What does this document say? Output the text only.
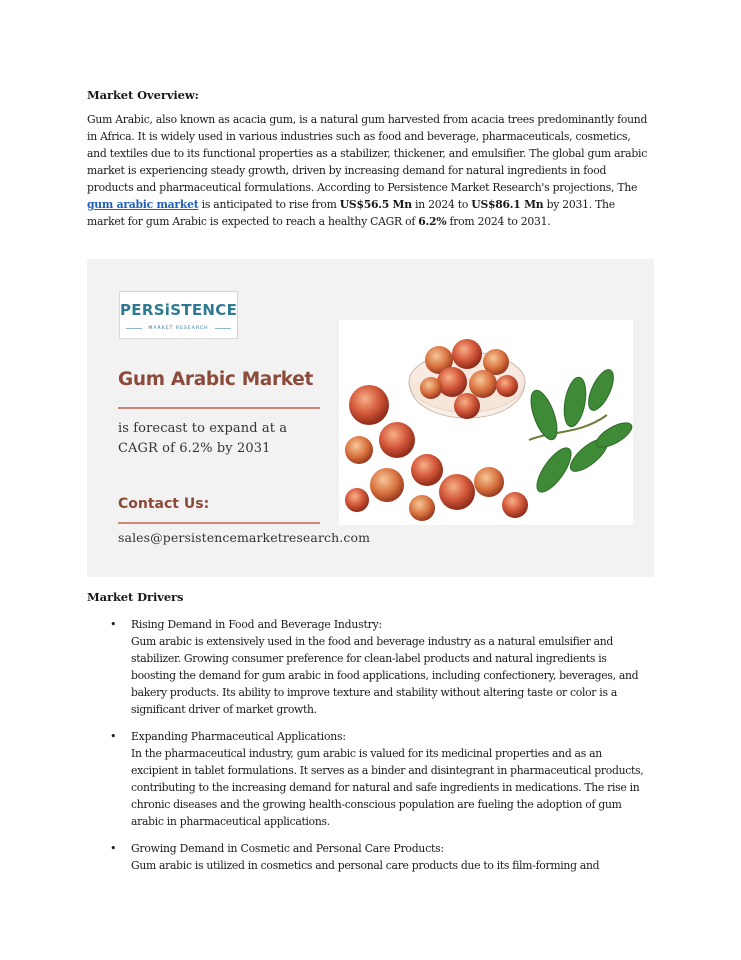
Market Overview:

Gum Arabic, also known as acacia gum, is a natural gum harvested from acacia trees predominantly found in Africa. It is widely used in various industries such as food and beverage, pharmaceuticals, cosmetics, and textiles due to its functional properties as a stabilizer, thickener, and emulsifier. The global gum arabic market is experiencing steady growth, driven by increasing demand for natural ingredients in food products and pharmaceutical formulations. According to Persistence Market Research's projections, The gum arabic market is anticipated to rise from US$56.5 Mn in 2024 to US$86.1 Mn by 2031. The market for gum Arabic is expected to reach a healthy CAGR of 6.2% from 2024 to 2031.

PERSiSTENCE
MARKET RESEARCH
Gum Arabic Market
is forecast to expand at a
CAGR of 6.2% by 2031
Contact Us:
sales@persistencemarketresearch.com
Market Drivers
• Rising Demand in Food and Beverage Industry:

Gum arabic is extensively used in the food and beverage industry as a natural emulsifier and stabilizer. Growing consumer preference for clean-label products and natural ingredients is boosting the demand for gum arabic in food applications, including confectionery, beverages, and bakery products. Its ability to improve texture and stability without altering taste or color is a significant driver of market growth.

• Expanding Pharmaceutical Applications:

In the pharmaceutical industry, gum arabic is valued for its medicinal properties and as an excipient in tablet formulations. It serves as a binder and disintegrant in pharmaceutical products, contributing to the increasing demand for natural and safe ingredients in medications. The rise in chronic diseases and the growing health-conscious population are fueling the adoption of gum arabic in pharmaceutical applications.

• Growing Demand in Cosmetic and Personal Care Products:

Gum arabic is utilized in cosmetics and personal care products due to its film-forming and
